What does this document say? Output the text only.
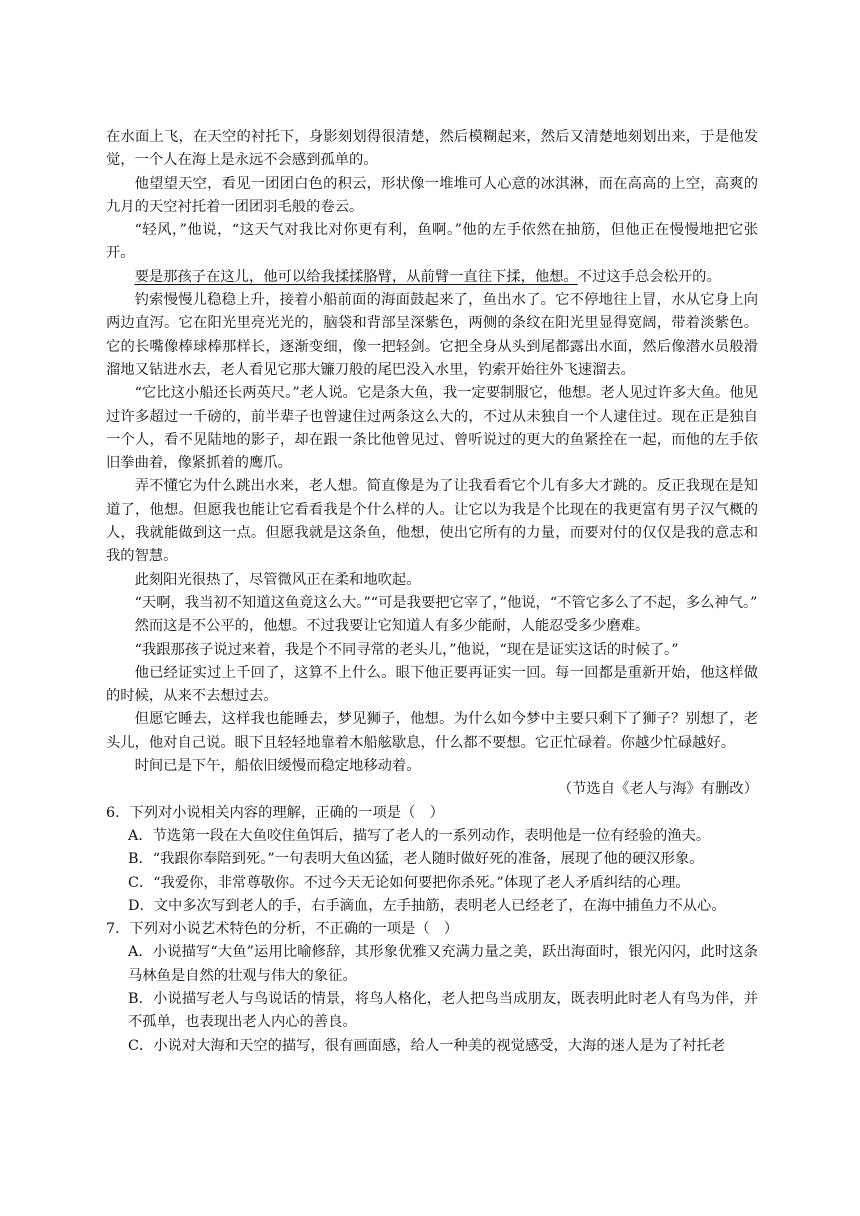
在水面上飞，在天空的衬托下，身影刻划得很清楚，然后模糊起来，然后又清楚地刻划出来，于是他发觉，一个人在海上是永远不会感到孤单的。

他望望天空，看见一团团白色的积云，形状像一堆堆可人心意的冰淇淋，而在高高的上空，高爽的九月的天空衬托着一团团羽毛般的卷云。

“轻风，”他说，“这天气对我比对你更有利，鱼啊。”他的左手依然在抽筋，但他正在慢慢地把它张开。

要是那孩子在这儿，他可以给我揉揉胳臂，从前臂一直往下揉，他想。不过这手总会松开的。

钓索慢慢儿稳稳上升，接着小船前面的海面鼓起来了，鱼出水了。它不停地往上冒，水从它身上向两边直泻。它在阳光里亮光光的，脑袋和背部呈深紫色，两侧的条纹在阳光里显得宽阔，带着淡紫色。它的长嘴像棒球棒那样长，逐渐变细，像一把轻剑。它把全身从头到尾都露出水面，然后像潜水员般滑溜地又钻进水去，老人看见它那大镰刀般的尾巴没入水里，钓索开始往外飞速溜去。

“它比这小船还长两英尺。”老人说。它是条大鱼，我一定要制服它，他想。老人见过许多大鱼。他见过许多超过一千磅的，前半辈子也曾逮住过两条这么大的，不过从未独自一个人逮住过。现在正是独自一个人，看不见陆地的影子，却在跟一条比他曾见过、曾听说过的更大的鱼紧拴在一起，而他的左手依旧拳曲着，像紧抓着的鹰爪。

弄不懂它为什么跳出水来，老人想。简直像是为了让我看看它个儿有多大才跳的。反正我现在是知道了，他想。但愿我也能让它看看我是个什么样的人。让它以为我是个比现在的我更富有男子汉气概的人，我就能做到这一点。但愿我就是这条鱼，他想，使出它所有的力量，而要对付的仅仅是我的意志和我的智慧。

此刻阳光很热了，尽管微风正在柔和地吹起。

“天啊，我当初不知道这鱼竟这么大。”“可是我要把它宰了，”他说，“不管它多么了不起，多么神气。”

然而这是不公平的，他想。不过我要让它知道人有多少能耐，人能忍受多少磨难。

“我跟那孩子说过来着，我是个不同寻常的老头儿，”他说，“现在是证实这话的时候了。”

他已经证实过上千回了，这算不上什么。眼下他正要再证实一回。每一回都是重新开始，他这样做的时候，从来不去想过去。

但愿它睡去，这样我也能睡去，梦见狮子，他想。为什么如今梦中主要只剩下了狮子？别想了，老头儿，他对自己说。眼下且轻轻地靠着木船舷歇息，什么都不要想。它正忙碌着。你越少忙碌越好。

时间已是下午，船依旧缓慢而稳定地移动着。

（节选自《老人与海》有删改）

6．下列对小说相关内容的理解，正确的一项是（　）

A．节选第一段在大鱼咬住鱼饵后，描写了老人的一系列动作，表明他是一位有经验的渔夫。

B．“我跟你奉陪到死。”一句表明大鱼凶猛，老人随时做好死的准备，展现了他的硬汉形象。

C．“我爱你，非常尊敬你。不过今天无论如何要把你杀死。”体现了老人矛盾纠结的心理。

D．文中多次写到老人的手，右手滴血，左手抽筋，表明老人已经老了，在海中捕鱼力不从心。

7．下列对小说艺术特色的分析，不正确的一项是（　）

A．小说描写“大鱼”运用比喻修辞，其形象优雅又充满力量之美，跃出海面时，银光闪闪，此时这条马林鱼是自然的壮观与伟大的象征。

B．小说描写老人与鸟说话的情景，将鸟人格化，老人把鸟当成朋友，既表明此时老人有鸟为伴，并不孤单，也表现出老人内心的善良。

C．小说对大海和天空的描写，很有画面感，给人一种美的视觉感受，大海的迷人是为了衬托老
